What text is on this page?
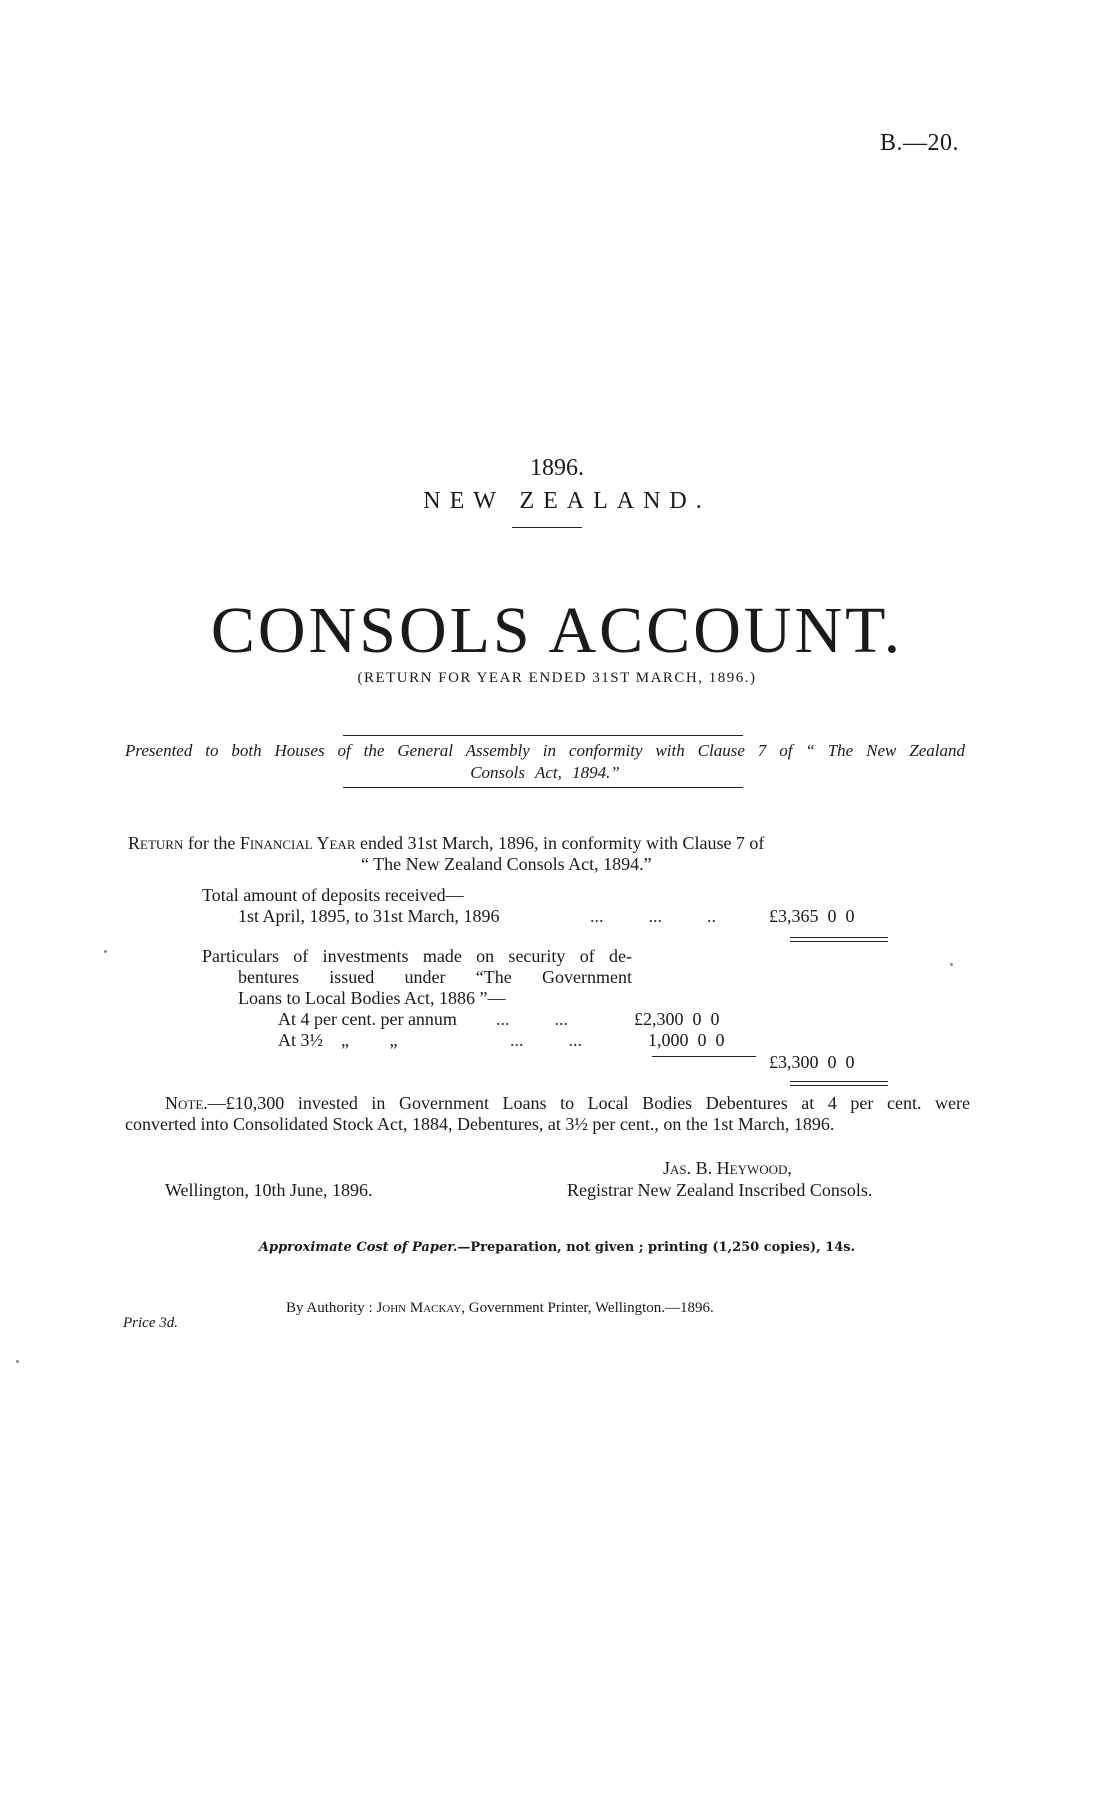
B.—20.
1896.
NEW ZEALAND.
CONSOLS ACCOUNT.
(RETURN FOR YEAR ENDED 31ST MARCH, 1896.)
Presented to both Houses of the General Assembly in conformity with Clause 7 of “ The New Zealand Consols Act, 1894.”
Return for the Financial Year ended 31st March, 1896, in conformity with Clause 7 of
“ The New Zealand Consols Act, 1894.”
Total amount of deposits received—
1st April, 1895, to 31st March, 1896	...          ...          ..	£3,365  0  0
Particulars of investments made on security of de-
bentures issued under “The Government
Loans to Local Bodies Act, 1886 ”—
At 4 per cent. per annum ...          ...	£2,300  0  0
At 3½    „         „	...          ...	1,000  0  0
£3,300  0  0
Note.—£10,300 invested in Government Loans to Local Bodies Debentures at 4 per cent. were
converted into Consolidated Stock Act, 1884, Debentures, at 3½ per cent., on the 1st March, 1896.
Jas. B. Heywood,
Registrar New Zealand Inscribed Consols.
Wellington, 10th June, 1896.
Approximate Cost of Paper.—Preparation, not given ; printing (1,250 copies), 14s.
Price 3d.
By Authority : John Mackay, Government Printer, Wellington.—1896.
